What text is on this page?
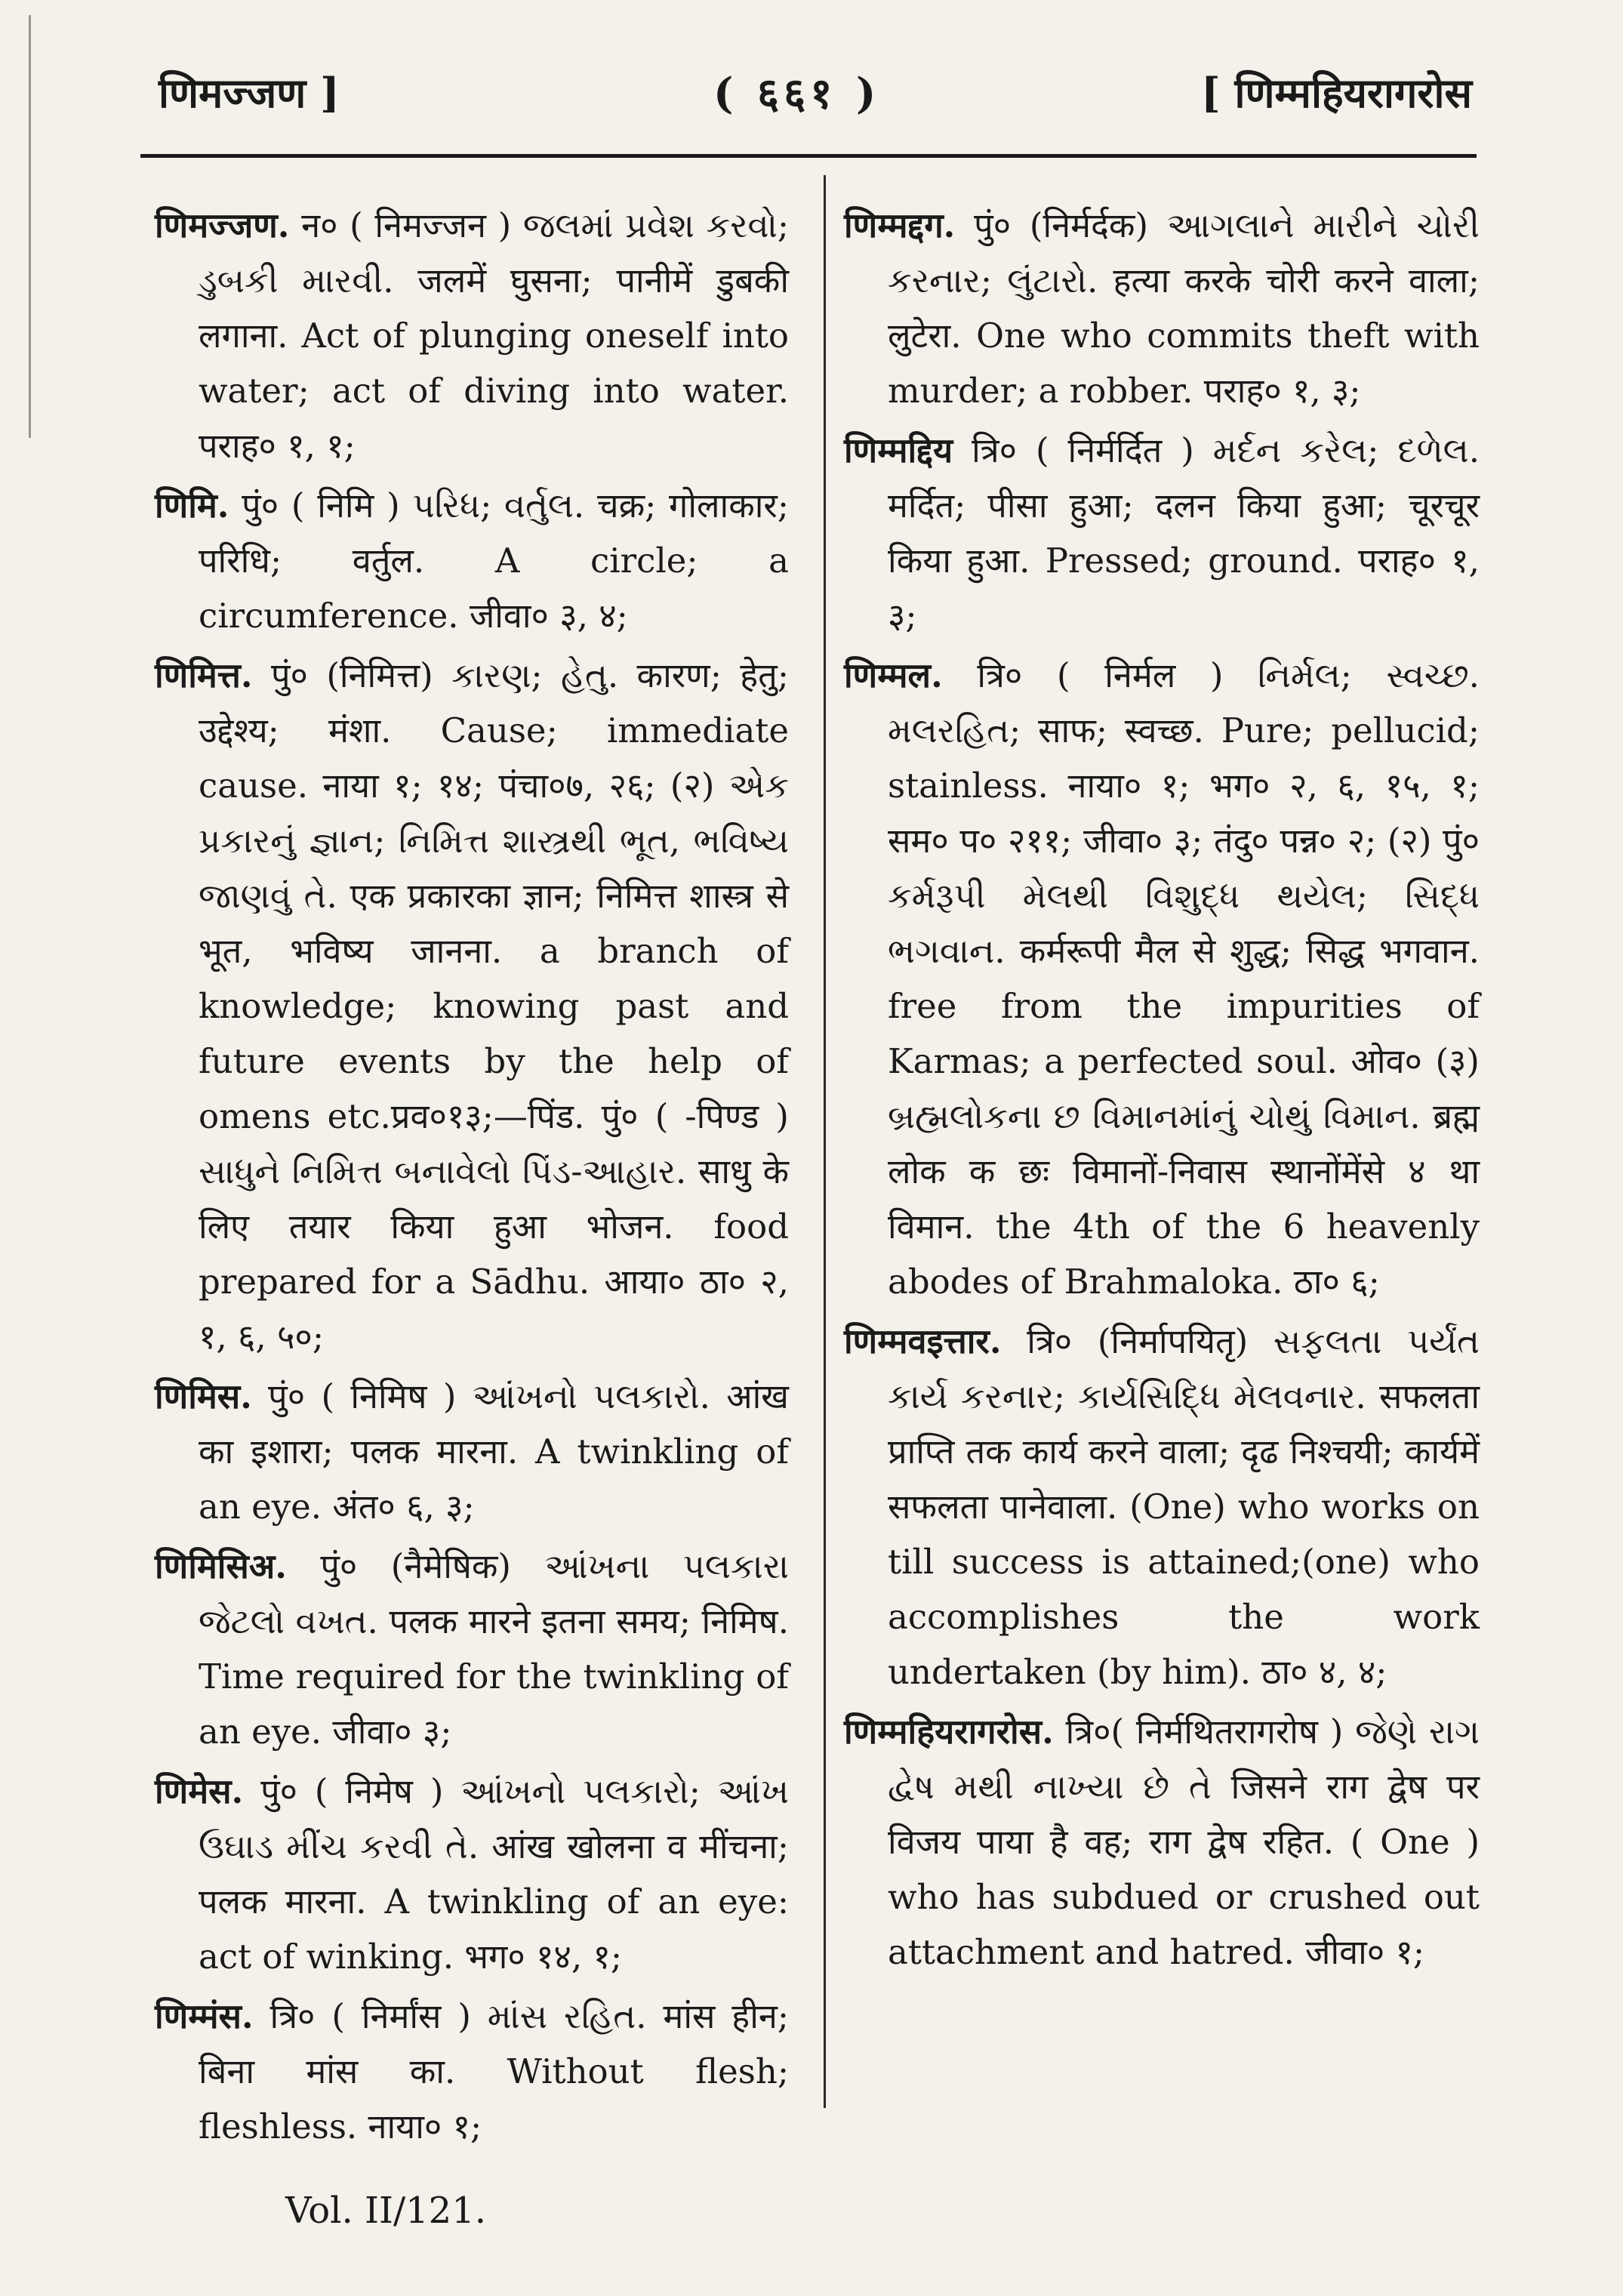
णिमज्जण ]	( ६६१ )	[ णिम्महियरागरोस

णिमज्जण. न० ( निमज्जन ) જલમાં પ્રવેશ કરવો; ડુબકી મારવી. जलमें घुसना; पानीमें डुबकी लगाना. Act of plunging oneself into water; act of diving into water. पराह० १, १;

णिमि. पुं० ( निमि ) પરિધ; વર્તુલ. चक्र; गोलाकार; परिधि; वर्तुल. A circle; a circumference. जीवा० ३, ४;

णिमित्त. पुं० (निमित्त) કારણ; હેતુ. कारण; हेतु; उद्देश्य; मंशा. Cause; immediate cause. नाया १; १४; पंचा०७, २६; (२) એક પ્રકારનું જ્ઞાન; નિમિત્ત શાસ્ત્રથી ભૂત, ભવિષ્ય જાણવું તે. एक प्रकारका ज्ञान; निमित्त शास्त्र से भूत, भविष्य जानना. a branch of knowledge; knowing past and future events by the help of omens etc.प्रव०१३;—पिंड. पुं० ( -पिण्ड ) સાધુને નિમિત્ત બનાવેલો પિંડ-આહાર. साधु के लिए तयार किया हुआ भोजन. food prepared for a Sādhu. आया० ठा० २, १, ६, ५०;

णिमिस. पुं० ( निमिष ) આંખનો પલકારો. आंख का इशारा; पलक मारना. A twinkling of an eye. अंत० ६, ३;

णिमिसिअ. पुं० (नैमेषिक) આંખના પલકારા જેટલો વખત. पलक मारने इतना समय; निमिष. Time required for the twinkling of an eye. जीवा० ३;

णिमेस. पुं० ( निमेष ) આંખનો પલકારો; આંખ ઉઘાડ મીંચ કરવી તે. आंख खोलना व मींचना; पलक मारना. A twinkling of an eye: act of winking. भग० १४, १;

णिम्मंस. त्रि० ( निर्मांस ) માંસ રહિત. मांस हीन; बिना मांस का. Without flesh; fleshless. नाया० १;

णिम्मद्दग. पुं० (निर्मर्दक) આગલાને મારીને ચોરી કરનાર; લુંટારો. हत्या करके चोरी करने वाला; लुटेरा. One who commits theft with murder; a robber. पराह० १, ३;

णिम्मद्दिय त्रि० ( निर्मर्दित ) મર્દન કરેલ; દળેલ. मर्दित; पीसा हुआ; दलन किया हुआ; चूरचूर किया हुआ. Pressed; ground. पराह० १, ३;

णिम्मल. त्रि० ( निर्मल ) નિર્મલ; સ્વચ્છ. મલરહિત; साफ; स्वच्छ. Pure; pellucid; stainless. नाया० १; भग० २, ६, १५, १; सम० प० २११; जीवा० ३; तंदु० पन्न० २; (२) पुं० કર્મરૂપી મેલથી વિશુદ્ધ થયેલ; સિદ્ધ ભગવાન. कर्मरूपी मैल से शुद्ध; सिद्ध भगवान. free from the impurities of Karmas; a perfected soul. ओव० (३) બ્રહ્મલોકના છ વિમાનમાંનું ચોથું વિમાન. ब्रह्म लोक क छः विमानों-निवास स्थानोंमेंसे ४ था विमान. the 4th of the 6 heavenly abodes of Brahmaloka. ठा० ६;

णिम्मवइत्तार. त्रि० (निर्मापयितृ) સફલતા પર્યંત કાર્ય કરનાર; કાર્યસિદ્ધિ મેલવનાર. सफलता प्राप्ति तक कार्य करने वाला; दृढ निश्चयी; कार्यमें सफलता पानेवाला. (One) who works on till success is attained;(one) who accomplishes the work undertaken (by him). ठा० ४, ४;

णिम्महियरागरोस. त्रि०( निर्मथितरागरोष ) જેણે રાગ દ્વેષ મથી નાખ્યા છે તે जिसने राग द्वेष पर विजय पाया है वह; राग द्वेष रहित. ( One ) who has subdued or crushed out attachment and hatred. जीवा० १;

Vol. II/121.
